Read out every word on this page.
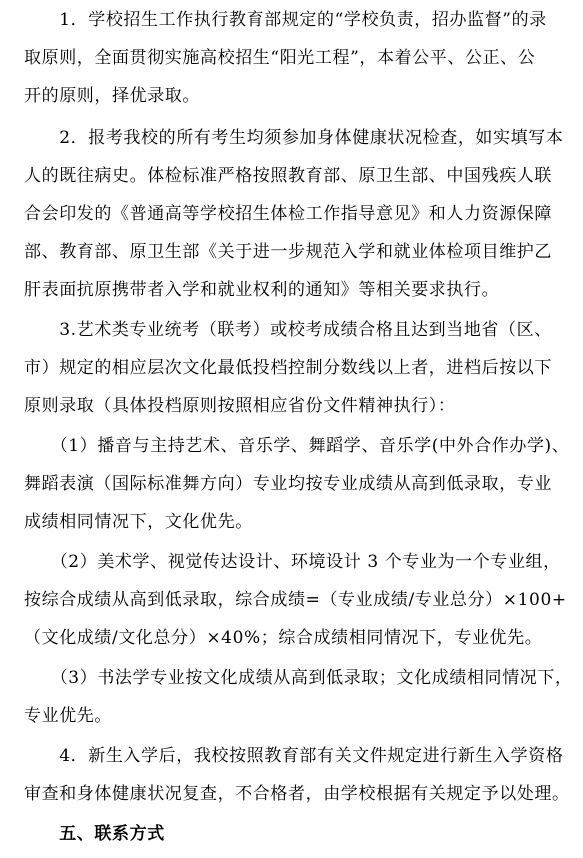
　　1．学校招生工作执行教育部规定的“学校负责，招办监督”的录
取原则，全面贯彻实施高校招生“阳光工程”，本着公平、公正、公
开的原则，择优录取。
　　2．报考我校的所有考生均须参加身体健康状况检查，如实填写本
人的既往病史。体检标准严格按照教育部、原卫生部、中国残疾人联
合会印发的《普通高等学校招生体检工作指导意见》和人力资源保障
部、教育部、原卫生部《关于进一步规范入学和就业体检项目维护乙
肝表面抗原携带者入学和就业权利的通知》等相关要求执行。
　　3.艺术类专业统考（联考）或校考成绩合格且达到当地省（区、
市）规定的相应层次文化最低投档控制分数线以上者，进档后按以下
原则录取（具体投档原则按照相应省份文件精神执行）：
　　（1）播音与主持艺术、音乐学、舞蹈学、音乐学(中外合作办学)、
舞蹈表演（国际标准舞方向）专业均按专业成绩从高到低录取，专业
成绩相同情况下，文化优先。
　　（2）美术学、视觉传达设计、环境设计 3 个专业为一个专业组，
按综合成绩从高到低录取，综合成绩=（专业成绩/专业总分）×100+
（文化成绩/文化总分）×40%；综合成绩相同情况下，专业优先。
　　（3）书法学专业按文化成绩从高到低录取；文化成绩相同情况下，
专业优先。
　　4．新生入学后，我校按照教育部有关文件规定进行新生入学资格
审查和身体健康状况复查，不合格者，由学校根据有关规定予以处理。
　　五、联系方式
